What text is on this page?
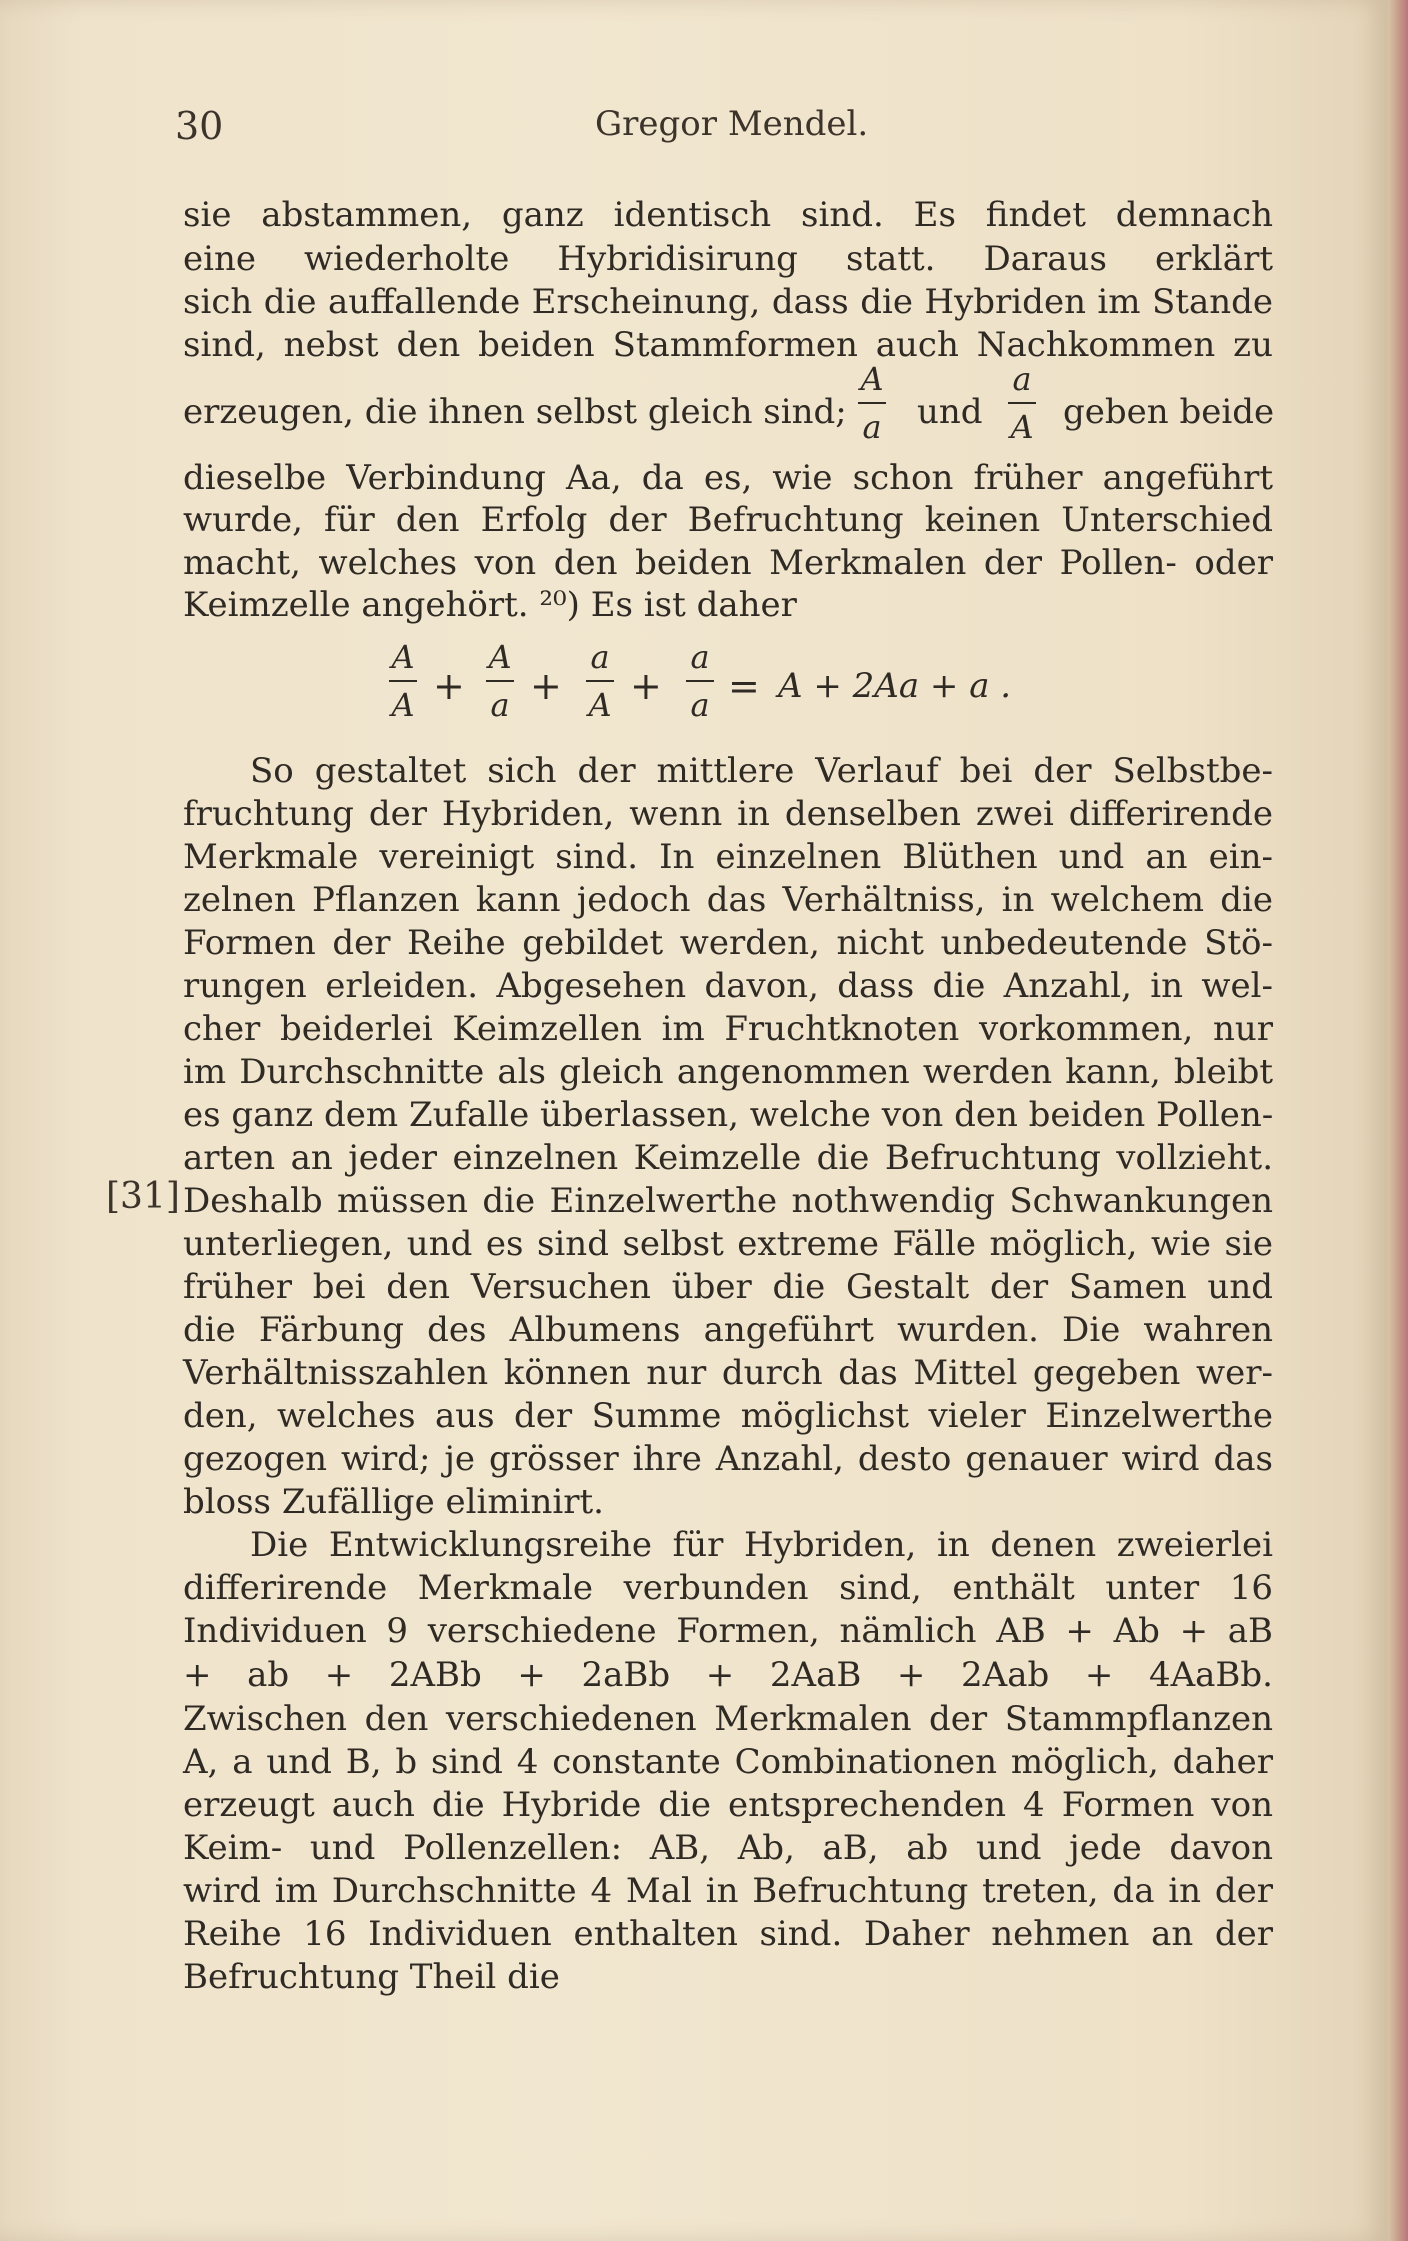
30	Gregor Mendel.
sie abstammen, ganz identisch sind. Es findet demnach
eine wiederholte Hybridisirung statt. Daraus erklärt
sich die auffallende Erscheinung, dass die Hybriden im Stande
sind, nebst den beiden Stammformen auch Nachkommen zu
erzeugen, die ihnen selbst gleich sind;
A
a	und
a
A geben beide
dieselbe Verbindung Aa, da es, wie schon früher angeführt
wurde, für den Erfolg der Befruchtung keinen Unterschied
macht, welches von den beiden Merkmalen der Pollen- oder
Keimzelle angehört. ²⁰) Es ist daher
A
A +
A
a +
a
A +
a
a = A + 2Aa + a .
So gestaltet sich der mittlere Verlauf bei der Selbstbe-
fruchtung der Hybriden, wenn in denselben zwei differirende
Merkmale vereinigt sind. In einzelnen Blüthen und an ein-
zelnen Pflanzen kann jedoch das Verhältniss, in welchem die
Formen der Reihe gebildet werden, nicht unbedeutende Stö-
rungen erleiden. Abgesehen davon, dass die Anzahl, in wel-
cher beiderlei Keimzellen im Fruchtknoten vorkommen, nur
im Durchschnitte als gleich angenommen werden kann, bleibt
es ganz dem Zufalle überlassen, welche von den beiden Pollen-
arten an jeder einzelnen Keimzelle die Befruchtung vollzieht.
[31] Deshalb müssen die Einzelwerthe nothwendig Schwankungen
unterliegen, und es sind selbst extreme Fälle möglich, wie sie
früher bei den Versuchen über die Gestalt der Samen und
die Färbung des Albumens angeführt wurden. Die wahren
Verhältnisszahlen können nur durch das Mittel gegeben wer-
den, welches aus der Summe möglichst vieler Einzelwerthe
gezogen wird; je grösser ihre Anzahl, desto genauer wird das
bloss Zufällige eliminirt.
Die Entwicklungsreihe für Hybriden, in denen zweierlei
differirende Merkmale verbunden sind, enthält unter 16
Individuen 9 verschiedene Formen, nämlich AB + Ab + aB
+ ab + 2ABb + 2aBb + 2AaB + 2Aab + 4AaBb.
Zwischen den verschiedenen Merkmalen der Stammpflanzen
A, a und B, b sind 4 constante Combinationen möglich, daher
erzeugt auch die Hybride die entsprechenden 4 Formen von
Keim- und Pollenzellen: AB, Ab, aB, ab und jede davon
wird im Durchschnitte 4 Mal in Befruchtung treten, da in der
Reihe 16 Individuen enthalten sind. Daher nehmen an der
Befruchtung Theil die
